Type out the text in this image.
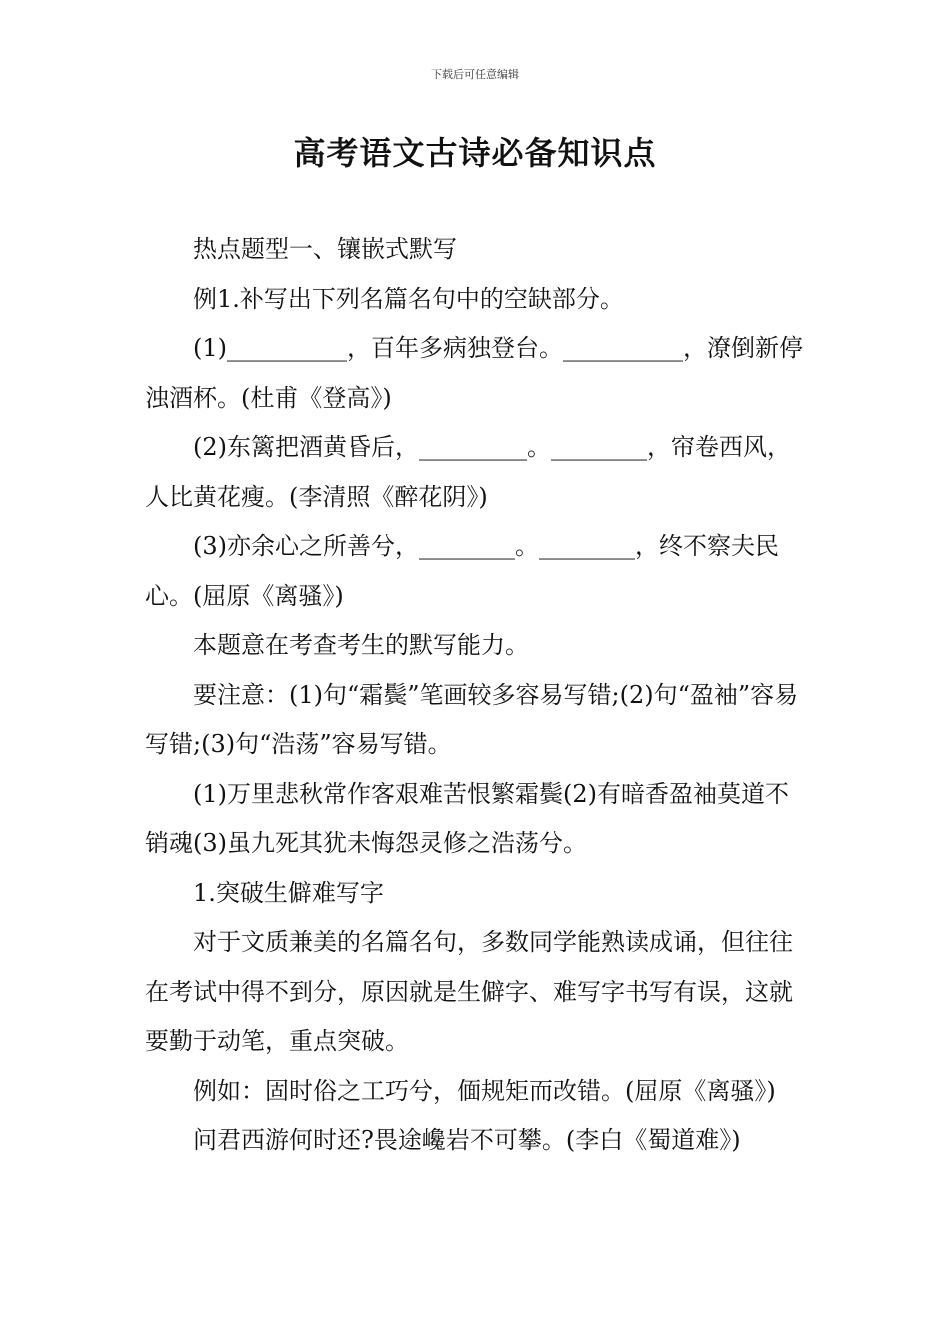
下载后可任意编辑
高考语文古诗必备知识点

热点题型一、镶嵌式默写

例1.补写出下列名篇名句中的空缺部分。

(1)__________，百年多病独登台。__________，潦倒新停浊酒杯。(杜甫《登高》)

(2)东篱把酒黄昏后，_________。________，帘卷西风，人比黄花瘦。(李清照《醉花阴》)

(3)亦余心之所善兮，________。________，终不察夫民心。(屈原《离骚》)

本题意在考查考生的默写能力。

要注意：(1)句“霜鬓”笔画较多容易写错;(2)句“盈袖”容易写错;(3)句“浩荡”容易写错。

(1)万里悲秋常作客艰难苦恨繁霜鬓(2)有暗香盈袖莫道不销魂(3)虽九死其犹未悔怨灵修之浩荡兮。

1.突破生僻难写字

对于文质兼美的名篇名句，多数同学能熟读成诵，但往往在考试中得不到分，原因就是生僻字、难写字书写有误，这就要勤于动笔，重点突破。

例如：固时俗之工巧兮，偭规矩而改错。(屈原《离骚》)

问君西游何时还?畏途巉岩不可攀。(李白《蜀道难》)
